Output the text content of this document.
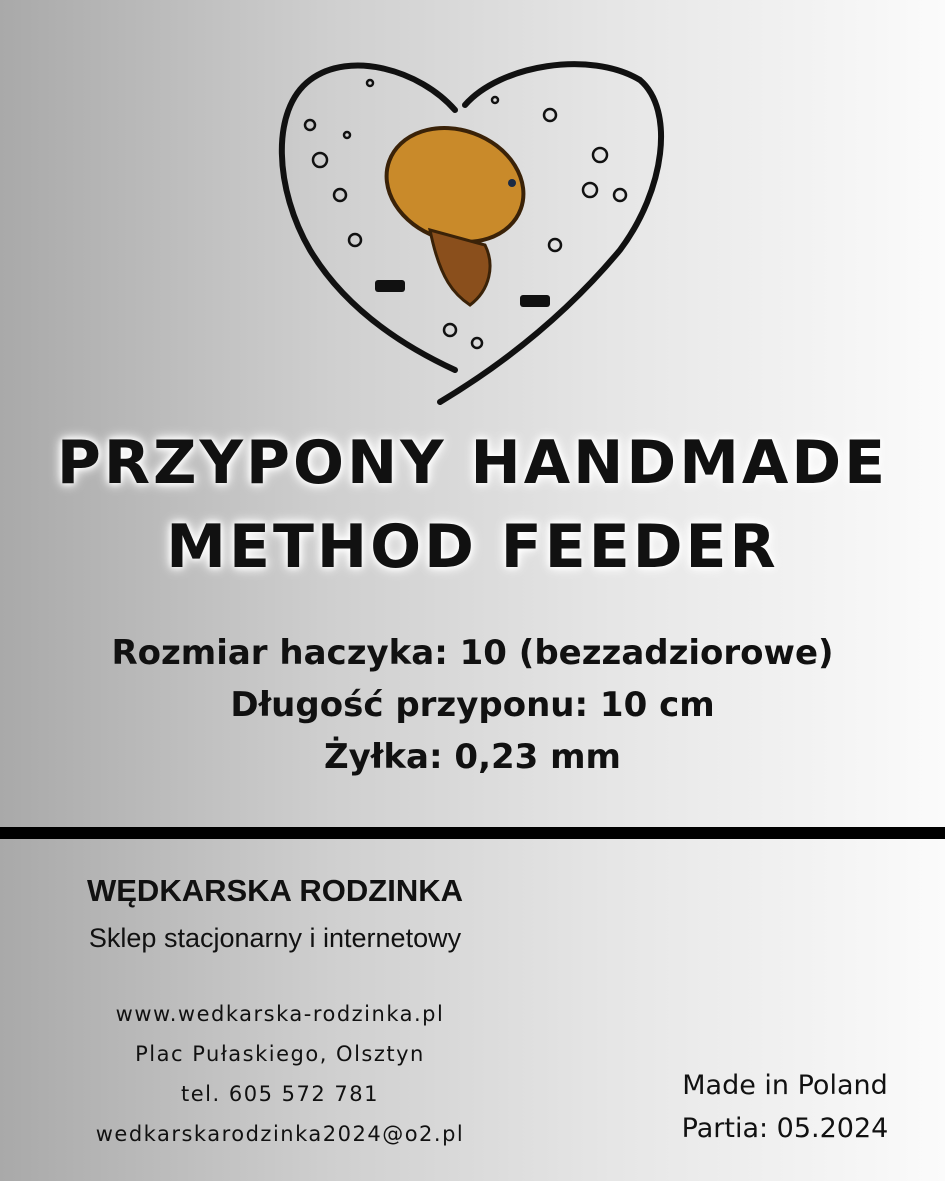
PRZYPONY HANDMADE
METHOD FEEDER
Rozmiar haczyka: 10 (bezzadziorowe)
Długość przyponu: 10 cm
Żyłka: 0,23 mm
WĘDKARSKA RODZINKA
Sklep stacjonarny i internetowy
www.wedkarska-rodzinka.pl
Plac Pułaskiego, Olsztyn
tel. 605 572 781
wedkarskarodzinka2024@o2.pl
Made in Poland
Partia: 05.2024
